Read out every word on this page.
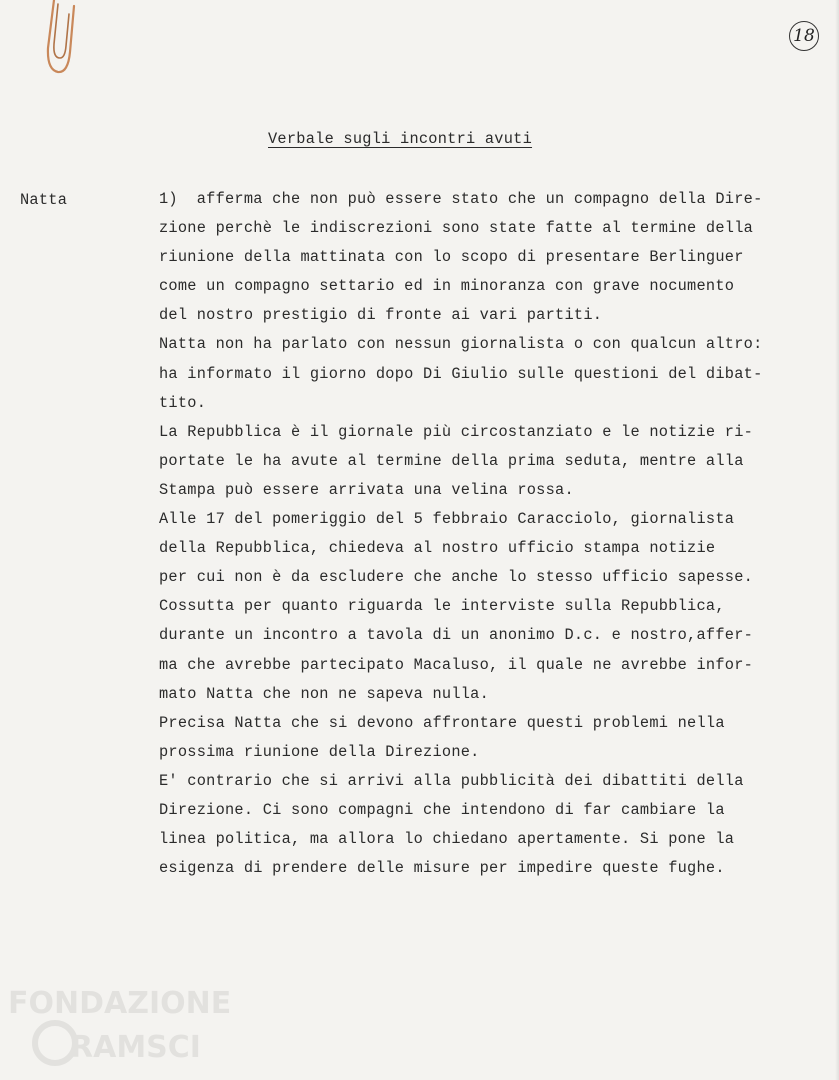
18
Verbale sugli incontri avuti
Natta	1)  afferma che non può essere stato che un compagno della Dire-
zione perchè le indiscrezioni sono state fatte al termine della
riunione della mattinata con lo scopo di presentare Berlinguer
come un compagno settario ed in minoranza con grave nocumento
del nostro prestigio di fronte ai vari partiti.
Natta non ha parlato con nessun giornalista o con qualcun altro:
ha informato il giorno dopo Di Giulio sulle questioni del dibat-
tito.
La Repubblica è il giornale più circostanziato e le notizie ri-
portate le ha avute al termine della prima seduta, mentre alla
Stampa può essere arrivata una velina rossa.
Alle 17 del pomeriggio del 5 febbraio Caracciolo, giornalista
della Repubblica, chiedeva al nostro ufficio stampa notizie
per cui non è da escludere che anche lo stesso ufficio sapesse.
Cossutta per quanto riguarda le interviste sulla Repubblica,
durante un incontro a tavola di un anonimo D.c. e nostro,affer-
ma che avrebbe partecipato Macaluso, il quale ne avrebbe infor-
mato Natta che non ne sapeva nulla.
Precisa Natta che si devono affrontare questi problemi nella
prossima riunione della Direzione.
E' contrario che si arrivi alla pubblicità dei dibattiti della
Direzione. Ci sono compagni che intendono di far cambiare la
linea politica, ma allora lo chiedano apertamente. Si pone la
esigenza di prendere delle misure per impedire queste fughe.
FONDAZIONE
RAMSCI
